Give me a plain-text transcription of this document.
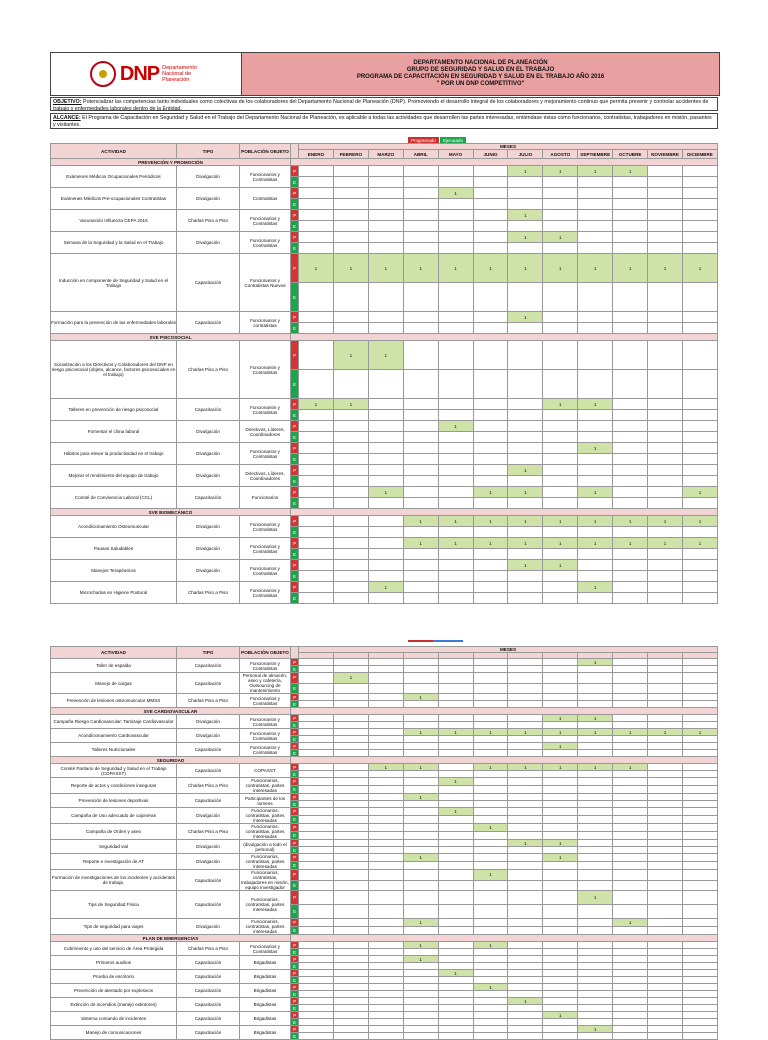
DNP Departamento Nacional de Planeación
DEPARTAMENTO NACIONAL DE PLANEACIÓN
GRUPO DE SEGURIDAD Y SALUD EN EL TRABAJO
PROGRAMA DE CAPACITACIÓN EN SEGURIDAD Y SALUD EN EL TRABAJO AÑO 2016
" POR UN DNP COMPETITIVO"
OBJETIVO: Potencializar las competencias tanto individuales como colectivas de los colaboradores del Departamento Nacional de Planeación (DNP). Promoviendo el desarrollo integral de los colaboradores y mejoramiento continuo que permita prevenir y controlar accidentes de trabajo y enfermedades laborales dentro de la Entidad.
ALCANCE: El Programa de Capacitación en Seguridad y Salud en el Trabajo del Departamento Nacional de Planeación, es aplicable a todas las actividades que desarrollen las partes interesadas, entiéndase éstas como funcionarios, contratistas, trabajadores en misión, pasantes y visitantes.
Programado	Ejecutado
ACTIVIDAD	TIPO	POBLACIÓN OBJETO		MESES											
				ENERO	FEBRERO	MARZO	ABRIL	MAYO	JUNIO	JULIO	AGOSTO	SEPTIEMBRE	OCTUBRE	NOVIEMBRE	DICIEMBRE
PREVENCIÓN Y PROMOCIÓN															
Exámenes Médicos Ocupacionales Periódicos	Divulgación	Funcionarios y Contratistas	P							1	1	1	1		
			E												
Exámenes Médicos Pre-ocupacionales Contratistas	Divulgación	Contratistas	P					1							
			E												
Vacunación Influenza CEPA 2016	Charlas Piso a Piso	Funcionarios y Contratistas	P							1					
			E												
Semana de la Seguridad y la Salud en el Trabajo	Divulgación	Funcionarios y Contratistas	P							1	1				
			E												
Inducción en componente de Seguridad y Salud en el Trabajo	Capacitación	Funcionarios y Contratistas Nuevos	P	1	1	1	1	1	1	1	1	1	1	1	1
			E												
Formación para la prevención de las enfermedades laborales	Capacitación	Funcionarios y contratistas	P							1					
			E												
SVE PSICOSOCIAL															
Socialización a los Directivos y Colaboradores del DNP en riesgo psicosocial (objeto, alcance, factores psicosociales en el trabajo)	Charlas Piso a Piso	Funcionarios y Contratistas	P		1	1									
			E												
Talleres en prevención de riesgo psicosocial	Capacitación	Funcionarios y Contratistas	P	1	1						1	1			
			E												
Fomentar el clima laboral	Divulgación	Directivos, Líderes, Coordinadores	P					1							
			E												
Hábitos para elevar la productividad en el trabajo	Divulgación	Funcionarios y Contratistas	P									1			
			E												
Mejorar el rendimiento del equipo de trabajo	Divulgación	Directivos, Líderes, Coordinadores	P							1					
			E												
Comité de Convivencia Laboral (CCL)	Capacitación	Funcionarios	P			1			1	1		1			1
			E												
SVE BIOMECÁNICO															
Acondicionamiento Osteomuscular	Divulgación	Funcionarios y Contratistas	P				1	1	1	1	1	1	1	1	1
			E												
Pausas Saludables	Divulgación	Funcionarios y Contratistas	P				1	1	1	1	1	1	1	1	1
			E												
Manejos Terapéuticos	Divulgación	Funcionarios y Contratistas	P							1	1				
			E												
Microcharlas en Higiene Postural	Charlas Piso a Piso	Funcionarios y Contratistas	P			1						1			
			E												
ACTIVIDAD	TIPO	POBLACIÓN OBJETO		MESES											

Taller de espalda	Capacitación	Funcionarios y Contratistas	P									1			
			E												
Manejo de cargas	Capacitación	Personal de almacén, aseo y cafetería, Outsourcing de mantenimiento	P		1										
			E												
Prevención de lesiones osteomuscular MMSS	Charlas Piso a Piso	Funcionarios y Contratistas	P				1								
			E												
SVE CARDIOVASCULAR															
Campaña Riesgo Cardiovascular: Tamizaje Cardiovascular	Divulgación	Funcionarios y Contratistas	P								1	1			
			E												
Acondicionamiento Cardiovascular	Divulgación	Funcionarios y Contratistas	P				1	1	1	1	1	1	1	1	1
			E												
Talleres Nutricionales	Capacitación	Funcionarios y Contratistas	P								1				
			E												
SEGURIDAD															
Comité Paritario de Seguridad y Salud en el Trabajo (COPASST)	Capacitación	COPASST	P			1	1		1	1	1	1	1		
			E												
Reporte de actos y condiciones inseguras	Charlas Piso a Piso	Funcionarios, contratistas, partes interesadas	P					1							
			E												
Prevención de lesiones deportivas	Capacitación	Participantes de los torneos	P				1								
			E												
Campaña de Uso adecuado de cajoneras	Divulgación	Funcionarios, contratistas, partes interesadas	P					1							
			E												
Campaña de Orden y aseo	Charlas Piso a Piso	Funcionarios, contratistas, partes interesadas	P						1						
			E												
Seguridad vial	Divulgación	(divulgación a todo el personal)	P							1	1				
			E												
Reporte e investigación de AT	Divulgación	Funcionarios, contratistas, partes interesadas	P				1				1				
			E												
Formación de investigaciones de los incidentes y accidentes de trabajo.	Capacitación	Funcionarios, contratistas, trabajadores en misión, equipo investigador	P						1						
			E												
Tips de Seguridad Física	Capacitación	Funcionarios, contratistas, partes interesadas	P									1			
			E												
Tips de seguridad para viajes	Divulgación	Funcionarios, contratistas, partes interesadas	P				1						1		
			E												
PLAN DE EMERGENCIAS															
Cubrimiento y uso del servicio de Área Protegida	Charlas Piso a Piso	Funcionarios y Contratistas	P				1		1						
			E												
Primeros auxilios	Capacitación	Brigadistas	P				1								
			E												
Prueba de escritorio	Capacitación	Brigadistas	P					1							
			E												
Prevención de atentado por explosivos	Capacitación	Brigadistas	P						1						
			E												
Extinción de incendios (manejo extintores)	Capacitación	Brigadistas	P							1					
			E												
Sistema comando de incidentes	Capacitación	Brigadistas	P								1				
			E												
Manejo de comunicaciones	Capacitación	Brigadistas	P									1			
			E												
